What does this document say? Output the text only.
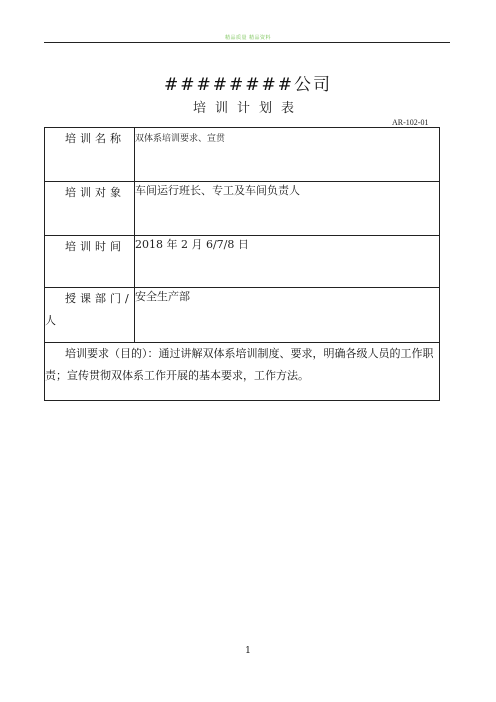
精品质量 精品资料
########公司
培训计划表
AR-102-01
培训名称	双体系培训要求、宣贯
培训对象	车间运行班长、专工及车间负责人
培训时间	2018 年 2 月 6/7/8 日
授课部门/人	安全生产部
培训要求（目的）：通过讲解双体系培训制度、要求，明确各级人员的工作职责；宣传贯彻双体系工作开展的基本要求，工作方法。	
1
